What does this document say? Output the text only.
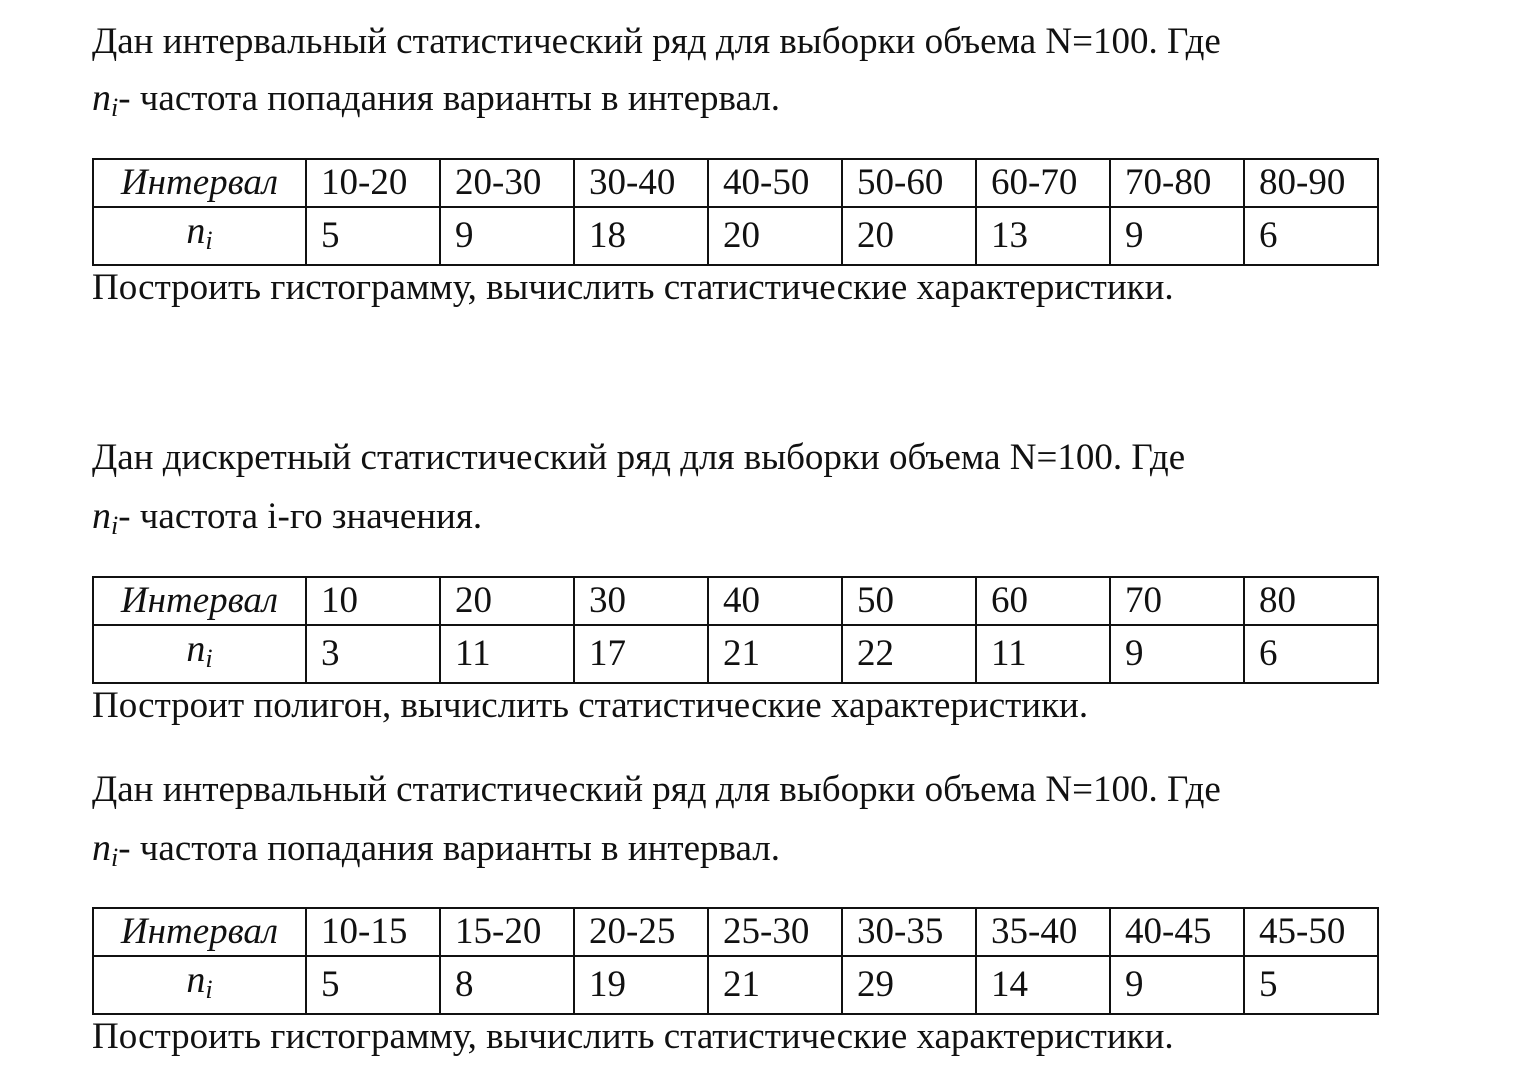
Дан интервальный статистический ряд для выборки объема N=100. Где
$n_i-$ частота попадания варианты в интервал.
Интервал	10-20	20-30	30-40	40-50	50-60	60-70	70-80	80-90
$n_i$	5	9	18	20	20	13	9	6
Построить гистограмму, вычислить статистические характеристики.
Дан дискретный статистический ряд для выборки объема N=100. Где
$n_i-$ частота i-го значения.
Интервал	10	20	30	40	50	60	70	80
$n_i$	3	11	17	21	22	11	9	6
Построит полигон, вычислить статистические характеристики.
Дан интервальный статистический ряд для выборки объема N=100. Где
$n_i-$ частота попадания варианты в интервал.
Интервал	10-15	15-20	20-25	25-30	30-35	35-40	40-45	45-50
$n_i$	5	8	19	21	29	14	9	5
Построить гистограмму, вычислить статистические характеристики.
